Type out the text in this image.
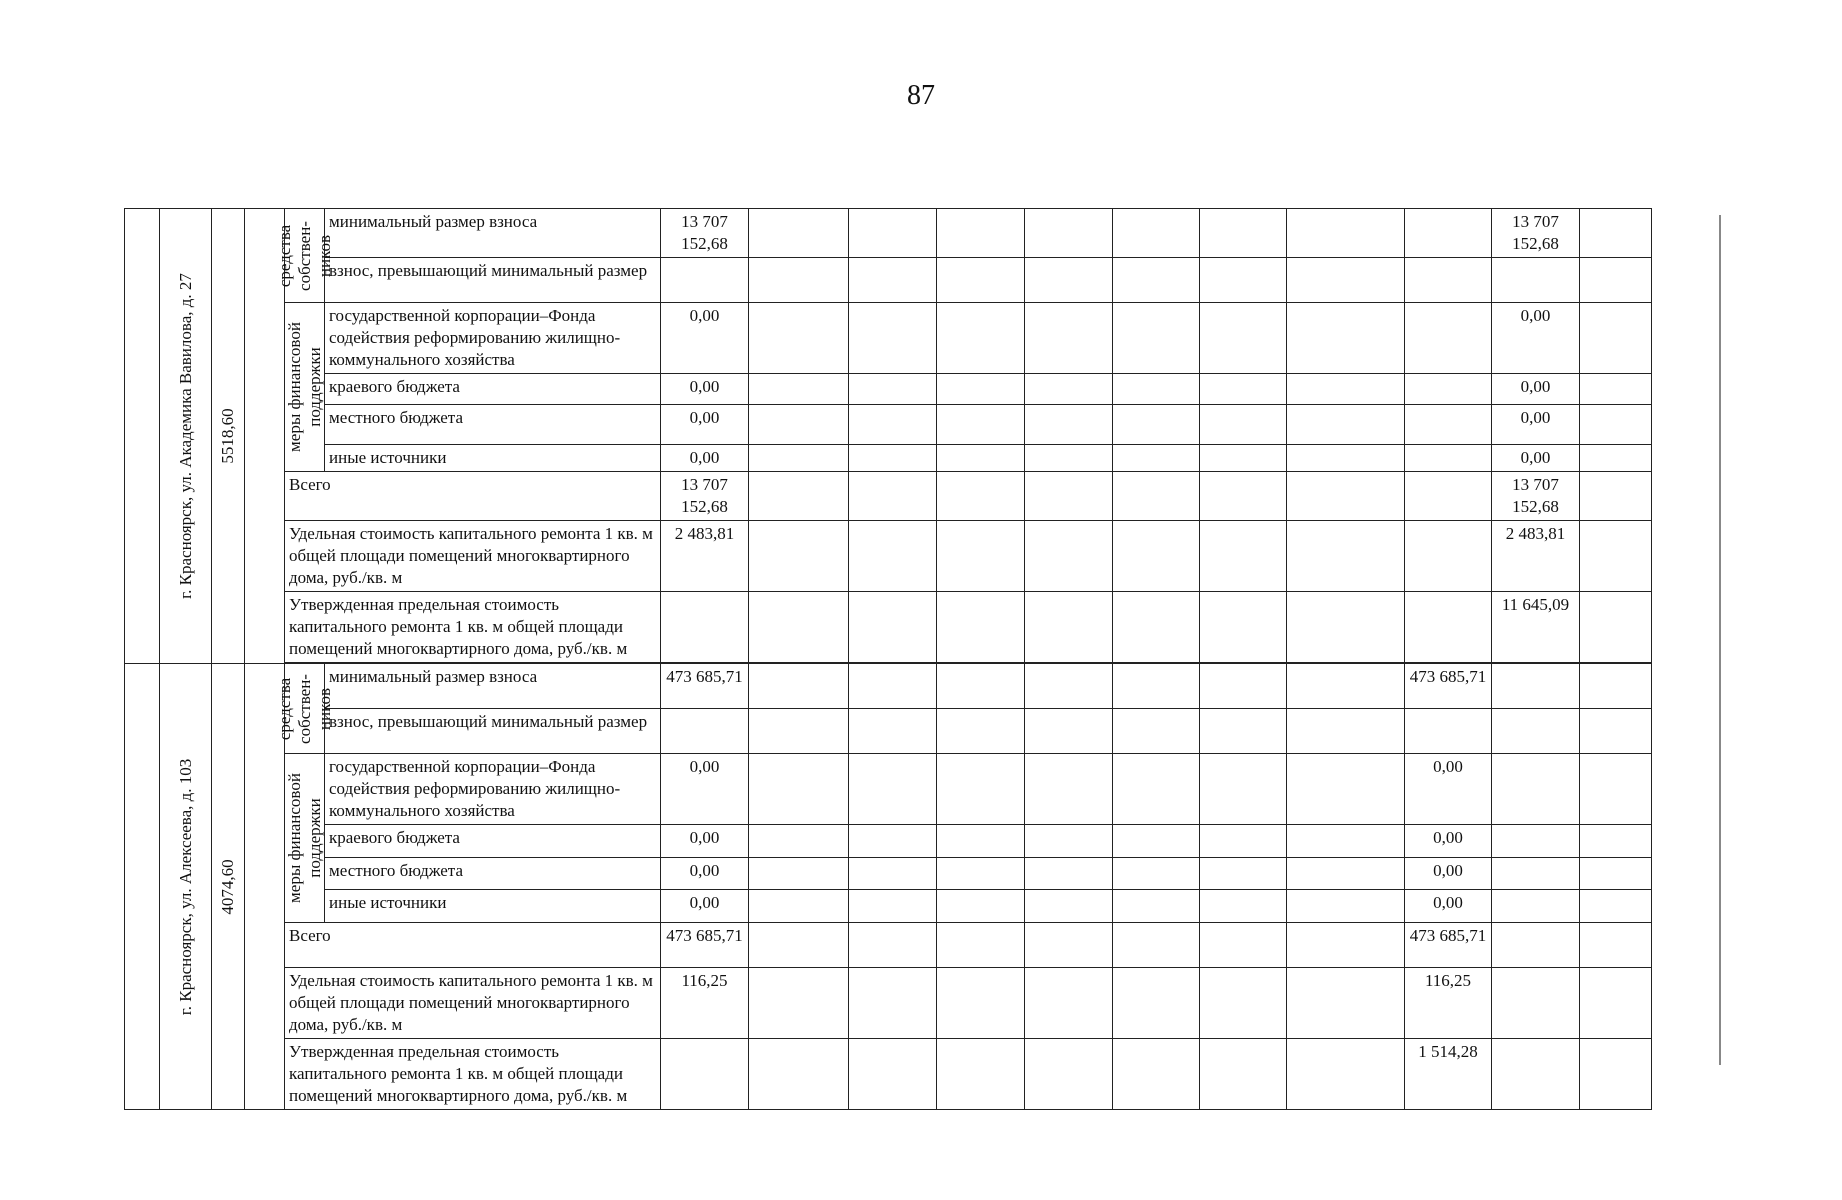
87

	г. Красноярск, ул. Академика Вавилова, д. 27	5518,60		средства собствен-ников	минимальный размер взноса	13 707 152,68									13 707 152,68	
					взнос, превышающий минимальный размер											

				меры финансовой поддержки	государственной корпорации–Фонда содействия реформированию жилищно-коммунального хозяйства	0,00									0,00	
					краевого бюджета	0,00									0,00	
					местного бюджета	0,00									0,00	
					иные источники	0,00									0,00	
				Всего		13 707 152,68									13 707 152,68	
				Удельная стоимость капитального ремонта 1 кв. м общей площади помещений многоквартирного дома, руб./кв. м		2 483,81									2 483,81	
				Утвержденная предельная стоимость капитального ремонта 1 кв. м общей площади помещений многоквартирного дома, руб./кв. м											11 645,09	

	г. Красноярск, ул. Алексеева, д. 103	4074,60		средства собствен-ников	минимальный размер взноса	473 685,71								473 685,71		
					взнос, превышающий минимальный размер											

				меры финансовой поддержки	государственной корпорации–Фонда содействия реформированию жилищно-коммунального хозяйства	0,00								0,00		
					краевого бюджета	0,00								0,00		
					местного бюджета	0,00								0,00		
					иные источники	0,00								0,00		
				Всего		473 685,71								473 685,71		
				Удельная стоимость капитального ремонта 1 кв. м общей площади помещений многоквартирного дома, руб./кв. м		116,25								116,25		
				Утвержденная предельная стоимость капитального ремонта 1 кв. м общей площади помещений многоквартирного дома, руб./кв. м										1 514,28		
